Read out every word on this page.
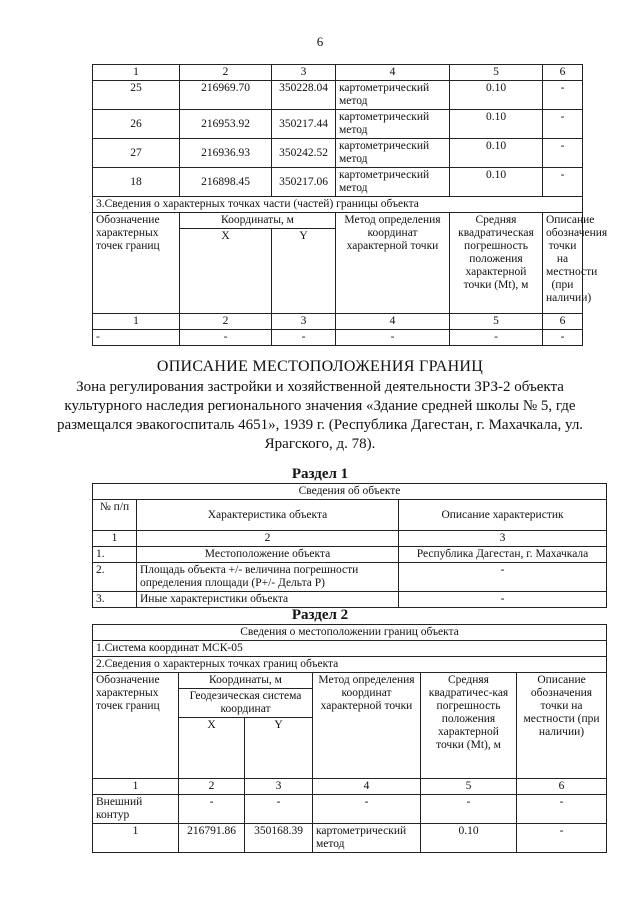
6
1	2	3	4	5	6
25	216969.70	350228.04	картометрический метод	0.10	-
26	216953.92	350217.44	картометрический метод	0.10	-
27	216936.93	350242.52	картометрический метод	0.10	-
18	216898.45	350217.06	картометрический метод	0.10	-
3.Сведения о характерных точках части (частей) границы объекта					
Обозначение характерных точек границ	Координаты, м		Метод определения координат характерной точки	Средняя квадратическая погрешность положения характерной точки (Mt), м	Описание обозначения точки на местности (при наличии)
	X	Y			
1	2	3	4	5	6
-	-	-	-	-	-
ОПИСАНИЕ МЕСТОПОЛОЖЕНИЯ ГРАНИЦ
Зона регулирования застройки и хозяйственной деятельности ЗРЗ-2 объекта культурного наследия регионального значения «Здание средней школы № 5, где размещался эвакогоспиталь 4651», 1939 г. (Республика Дагестан, г. Махачкала, ул. Ярагского, д. 78).
Раздел 1
Сведения об объекте		
№ п/п	Характеристика объекта	Описание характеристик
1	2	3
1.	Местоположение объекта	Республика Дагестан, г. Махачкала
2.	Площадь объекта +/- величина погрешности определения площади (P+/- Дельта P)	-
3.	Иные характеристики объекта	-
Раздел 2
Сведения о местоположении границ объекта					
1.Система координат МСК-05					
2.Сведения о характерных точках границ объекта					
Обозначение характерных точек границ	Координаты, м		Метод определения координат характерной точки	Средняя квадратичес-кая погрешность положения характерной точки (Mt), м	Описание обозначения точки на местности (при наличии)
	Геодезическая система координат				
	X	Y			
1	2	3	4	5	6
Внешний контур	-	-	-	-	-
1	216791.86	350168.39	картометрический метод	0.10	-
